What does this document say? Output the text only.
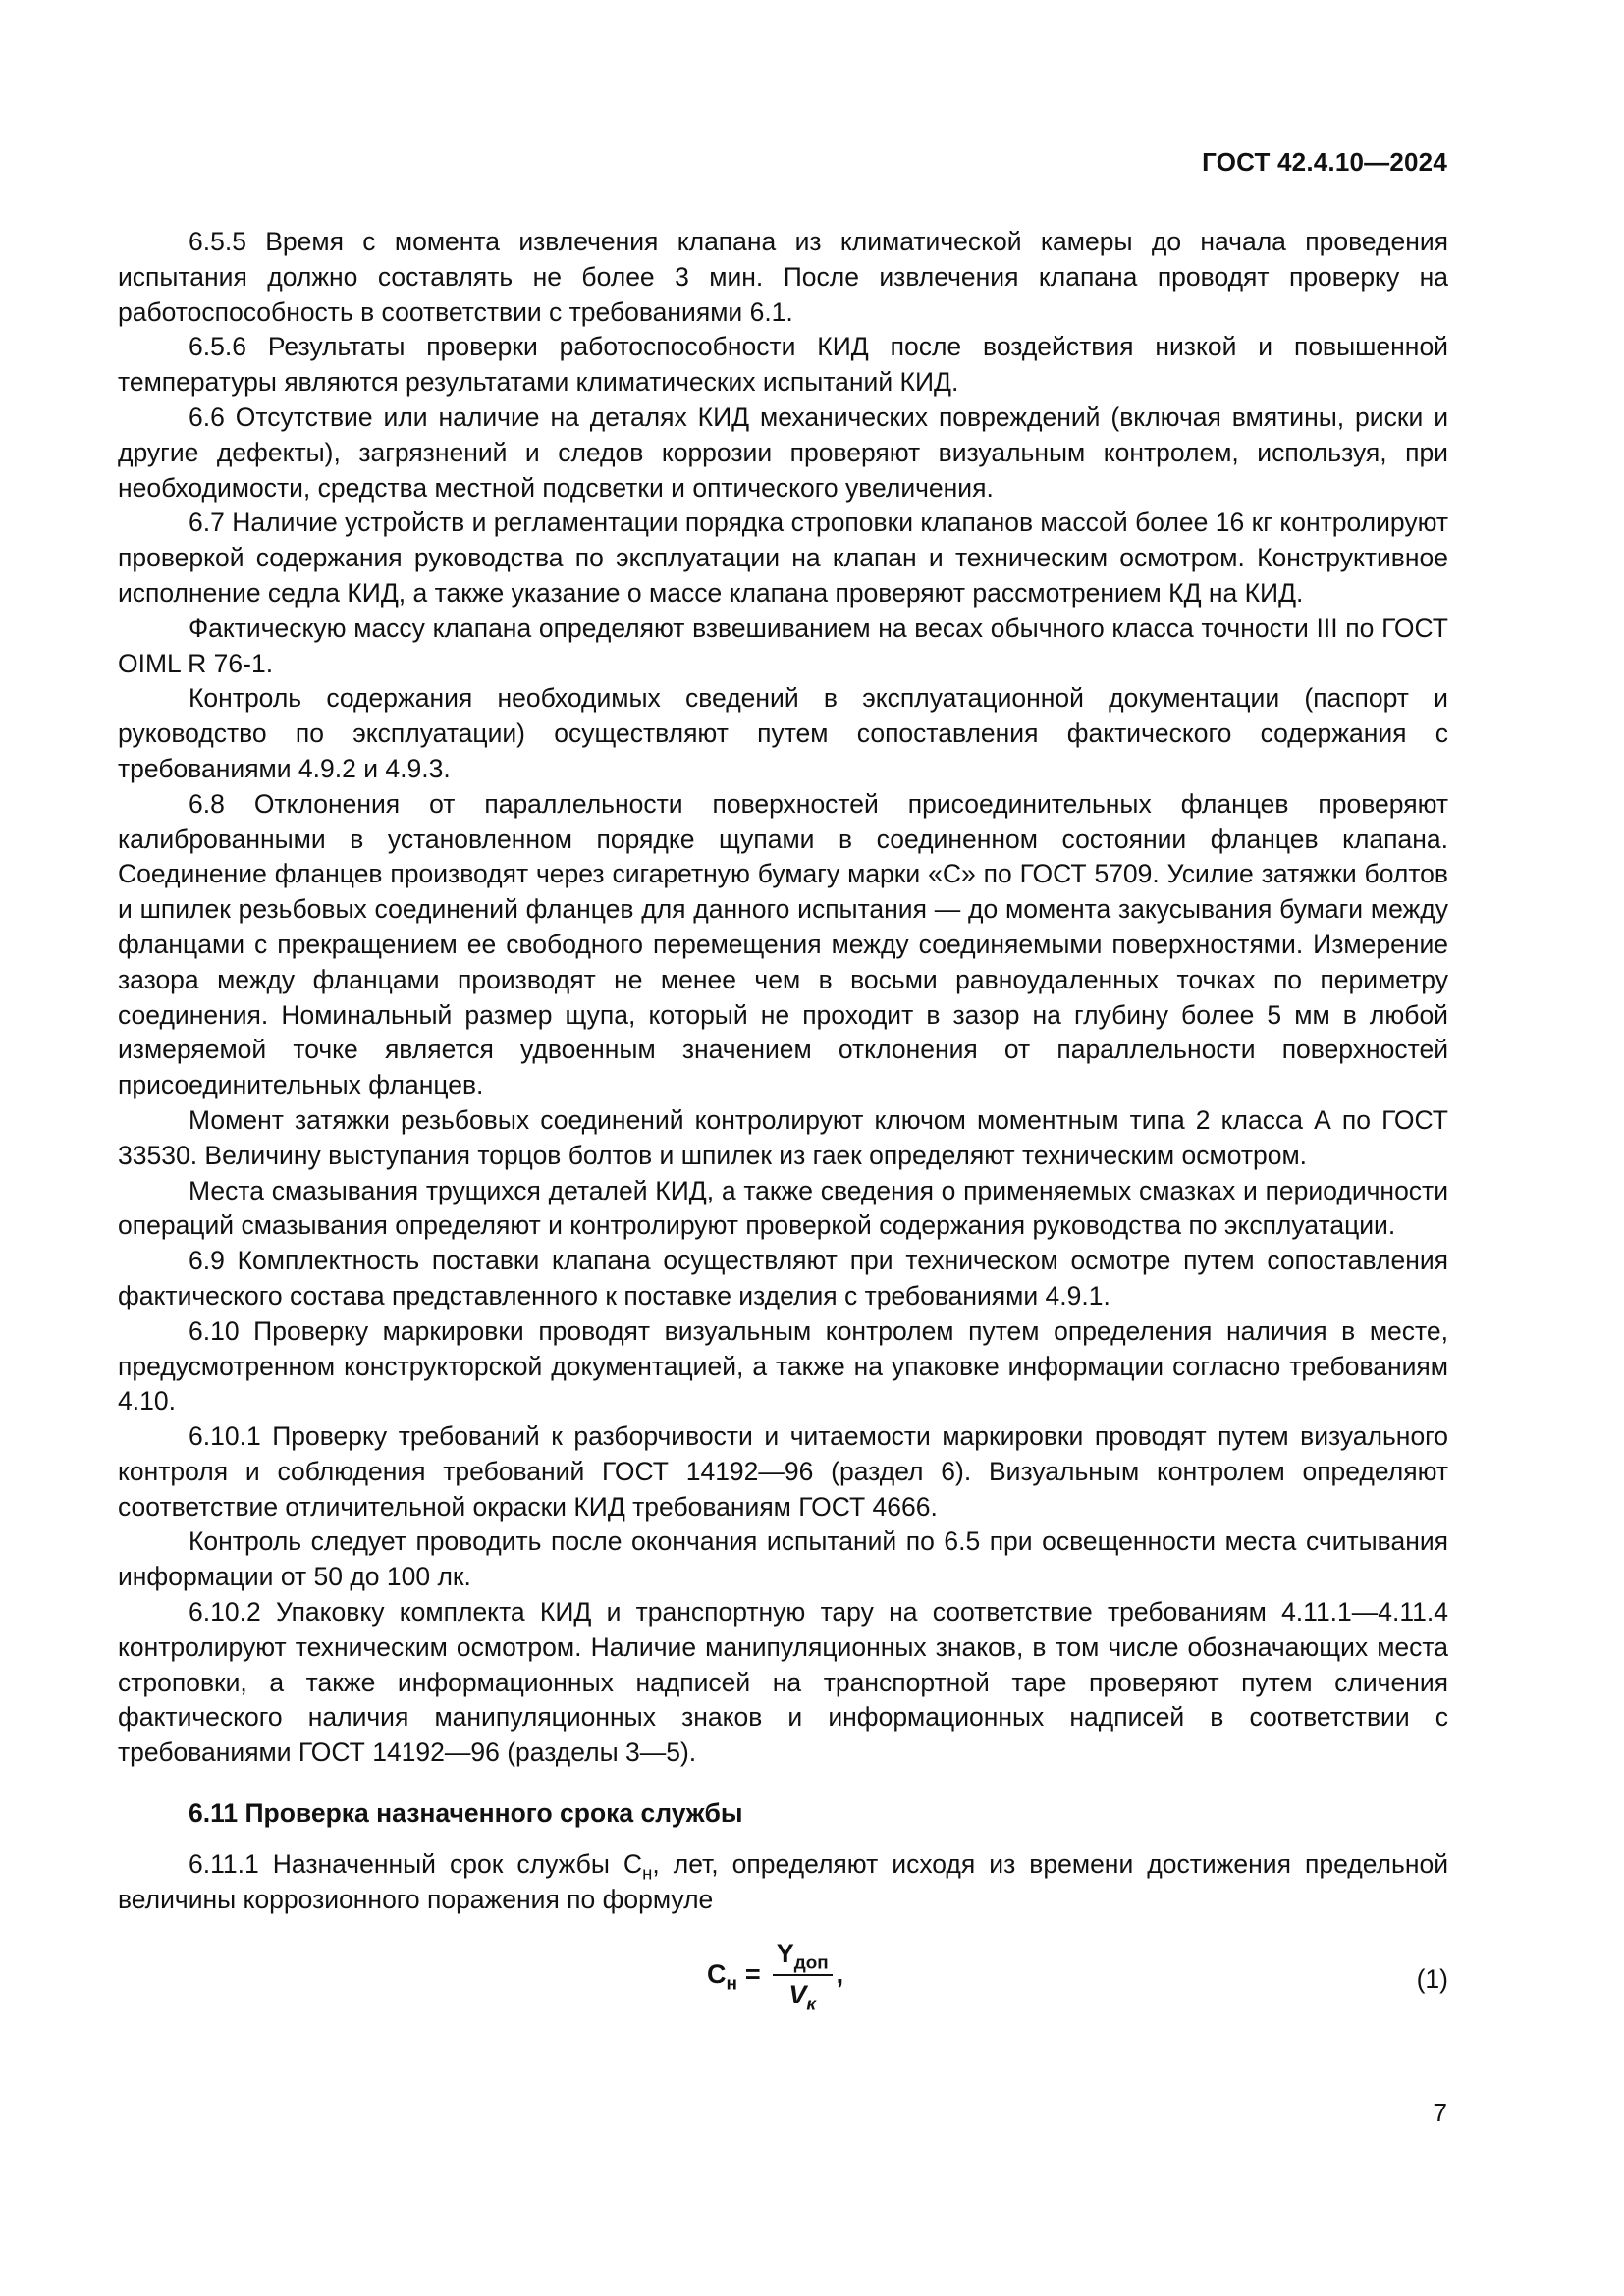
ГОСТ 42.4.10—2024

6.5.5 Время с момента извлечения клапана из климатической камеры до начала проведения испытания должно составлять не более 3 мин. После извлечения клапана проводят проверку на работоспособность в соответствии с требованиями 6.1.

6.5.6 Результаты проверки работоспособности КИД после воздействия низкой и повышенной температуры являются результатами климатических испытаний КИД.

6.6 Отсутствие или наличие на деталях КИД механических повреждений (включая вмятины, риски и другие дефекты), загрязнений и следов коррозии проверяют визуальным контролем, используя, при необходимости, средства местной подсветки и оптического увеличения.

6.7 Наличие устройств и регламентации порядка строповки клапанов массой более 16 кг контролируют проверкой содержания руководства по эксплуатации на клапан и техническим осмотром. Конструктивное исполнение седла КИД, а также указание о массе клапана проверяют рассмотрением КД на КИД.

Фактическую массу клапана определяют взвешиванием на весах обычного класса точности III по ГОСТ OIML R 76-1.

Контроль содержания необходимых сведений в эксплуатационной документации (паспорт и руководство по эксплуатации) осуществляют путем сопоставления фактического содержания с требованиями 4.9.2 и 4.9.3.

6.8 Отклонения от параллельности поверхностей присоединительных фланцев проверяют калиброванными в установленном порядке щупами в соединенном состоянии фланцев клапана. Соединение фланцев производят через сигаретную бумагу марки «С» по ГОСТ 5709. Усилие затяжки болтов и шпилек резьбовых соединений фланцев для данного испытания — до момента закусывания бумаги между фланцами с прекращением ее свободного перемещения между соединяемыми поверхностями. Измерение зазора между фланцами производят не менее чем в восьми равноудаленных точках по периметру соединения. Номинальный размер щупа, который не проходит в зазор на глубину более 5 мм в любой измеряемой точке является удвоенным значением отклонения от параллельности поверхностей присоединительных фланцев.

Момент затяжки резьбовых соединений контролируют ключом моментным типа 2 класса А по ГОСТ 33530. Величину выступания торцов болтов и шпилек из гаек определяют техническим осмотром.

Места смазывания трущихся деталей КИД, а также сведения о применяемых смазках и периодичности операций смазывания определяют и контролируют проверкой содержания руководства по эксплуатации.

6.9 Комплектность поставки клапана осуществляют при техническом осмотре путем сопоставления фактического состава представленного к поставке изделия с требованиями 4.9.1.

6.10 Проверку маркировки проводят визуальным контролем путем определения наличия в месте, предусмотренном конструкторской документацией, а также на упаковке информации согласно требованиям 4.10.

6.10.1 Проверку требований к разборчивости и читаемости маркировки проводят путем визуального контроля и соблюдения требований ГОСТ 14192—96 (раздел 6). Визуальным контролем определяют соответствие отличительной окраски КИД требованиям ГОСТ 4666.

Контроль следует проводить после окончания испытаний по 6.5 при освещенности места считывания информации от 50 до 100 лк.

6.10.2 Упаковку комплекта КИД и транспортную тару на соответствие требованиям 4.11.1—4.11.4 контролируют техническим осмотром. Наличие манипуляционных знаков, в том числе обозначающих места строповки, а также информационных надписей на транспортной таре проверяют путем сличения фактического наличия манипуляционных знаков и информационных надписей в соответствии с требованиями ГОСТ 14192—96 (разделы 3—5).

6.11 Проверка назначенного срока службы

6.11.1 Назначенный срок службы $С_н$, лет, определяют исходя из времени достижения предельной величины коррозионного поражения по формуле

$С_н = \frac{Y_{доп}}{V_к}$ ,	(1)
7
